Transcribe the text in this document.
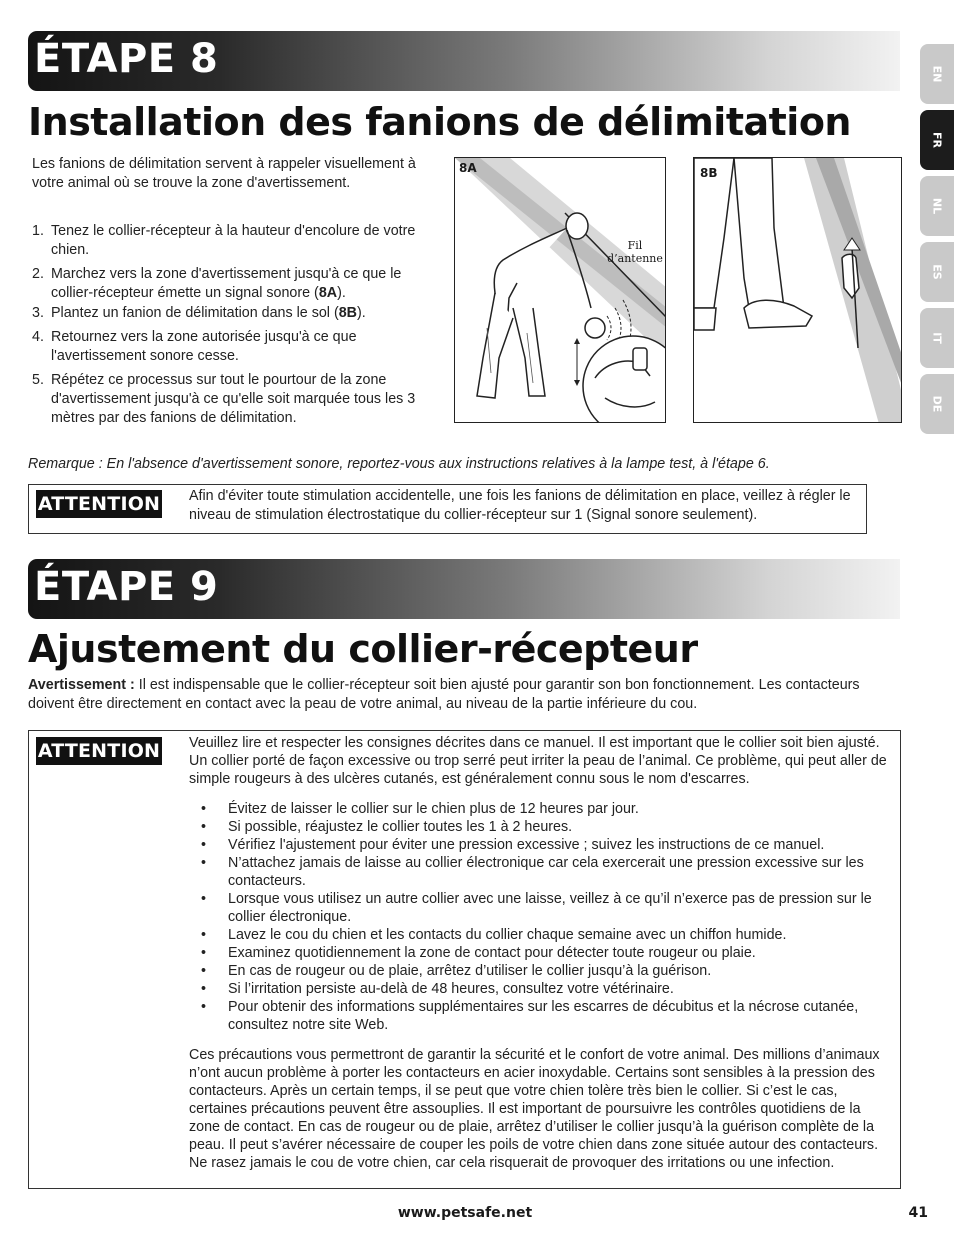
EN
FR
NL
ES
IT
DE
ÉTAPE 8
Installation des fanions de délimitation
Les fanions de délimitation servent à rappeler visuellement à votre animal où se trouve la zone d'avertissement.
1. Tenez le collier-récepteur à la hauteur d'encolure de votre chien.
2. Marchez vers la zone d'avertissement jusqu'à ce que le collier-récepteur émette un signal sonore (8A).
3. Plantez un fanion de délimitation dans le sol (8B).
4. Retournez vers la zone autorisée jusqu'à ce que l'avertissement sonore cesse.
5. Répétez ce processus sur tout le pourtour de la zone d'avertissement jusqu'à ce qu'elle soit marquée tous les 3 mètres par des fanions de délimitation.
8A
Fil
d’antenne
8B
Remarque : En l'absence d'avertissement sonore, reportez-vous aux instructions relatives à la lampe test, à l'étape 6.
ATTENTION Afin d'éviter toute stimulation accidentelle, une fois les fanions de délimitation en place, veillez à régler le niveau de stimulation électrostatique du collier-récepteur sur 1 (Signal sonore seulement).
ÉTAPE 9
Ajustement du collier-récepteur
Avertissement : Il est indispensable que le collier-récepteur soit bien ajusté pour garantir son bon fonctionnement. Les contacteurs doivent être directement en contact avec la peau de votre animal, au niveau de la partie inférieure du cou.
ATTENTION Veuillez lire et respecter les consignes décrites dans ce manuel. Il est important que le collier soit bien ajusté. Un collier porté de façon excessive ou trop serré peut irriter la peau de l’animal. Ce problème, qui peut aller de simple rougeurs à des ulcères cutanés, est généralement connu sous le nom d'escarres.

• Évitez de laisser le collier sur le chien plus de 12 heures par jour.
• Si possible, réajustez le collier toutes les 1 à 2 heures.
• Vérifiez l'ajustement pour éviter une pression excessive ; suivez les instructions de ce manuel.
• N’attachez jamais de laisse au collier électronique car cela exercerait une pression excessive sur les contacteurs.
• Lorsque vous utilisez un autre collier avec une laisse, veillez à ce qu’il n’exerce pas de pression sur le collier électronique.
• Lavez le cou du chien et les contacts du collier chaque semaine avec un chiffon humide.
• Examinez quotidiennement la zone de contact pour détecter toute rougeur ou plaie.
• En cas de rougeur ou de plaie, arrêtez d’utiliser le collier jusqu’à la guérison.
• Si l’irritation persiste au-delà de 48 heures, consultez votre vétérinaire.
• Pour obtenir des informations supplémentaires sur les escarres de décubitus et la nécrose cutanée, consultez notre site Web.

Ces précautions vous permettront de garantir la sécurité et le confort de votre animal. Des millions d’animaux n’ont aucun problème à porter les contacteurs en acier inoxydable. Certains sont sensibles à la pression des contacteurs. Après un certain temps, il se peut que votre chien tolère très bien le collier. Si c’est le cas, certaines précautions peuvent être assouplies. Il est important de poursuivre les contrôles quotidiens de la zone de contact. En cas de rougeur ou de plaie, arrêtez d’utiliser le collier jusqu’à la guérison complète de la peau. Il peut s’avérer nécessaire de couper les poils de votre chien dans zone située autour des contacteurs. Ne rasez jamais le cou de votre chien, car cela risquerait de provoquer des irritations ou une infection.

www.petsafe.net	41
